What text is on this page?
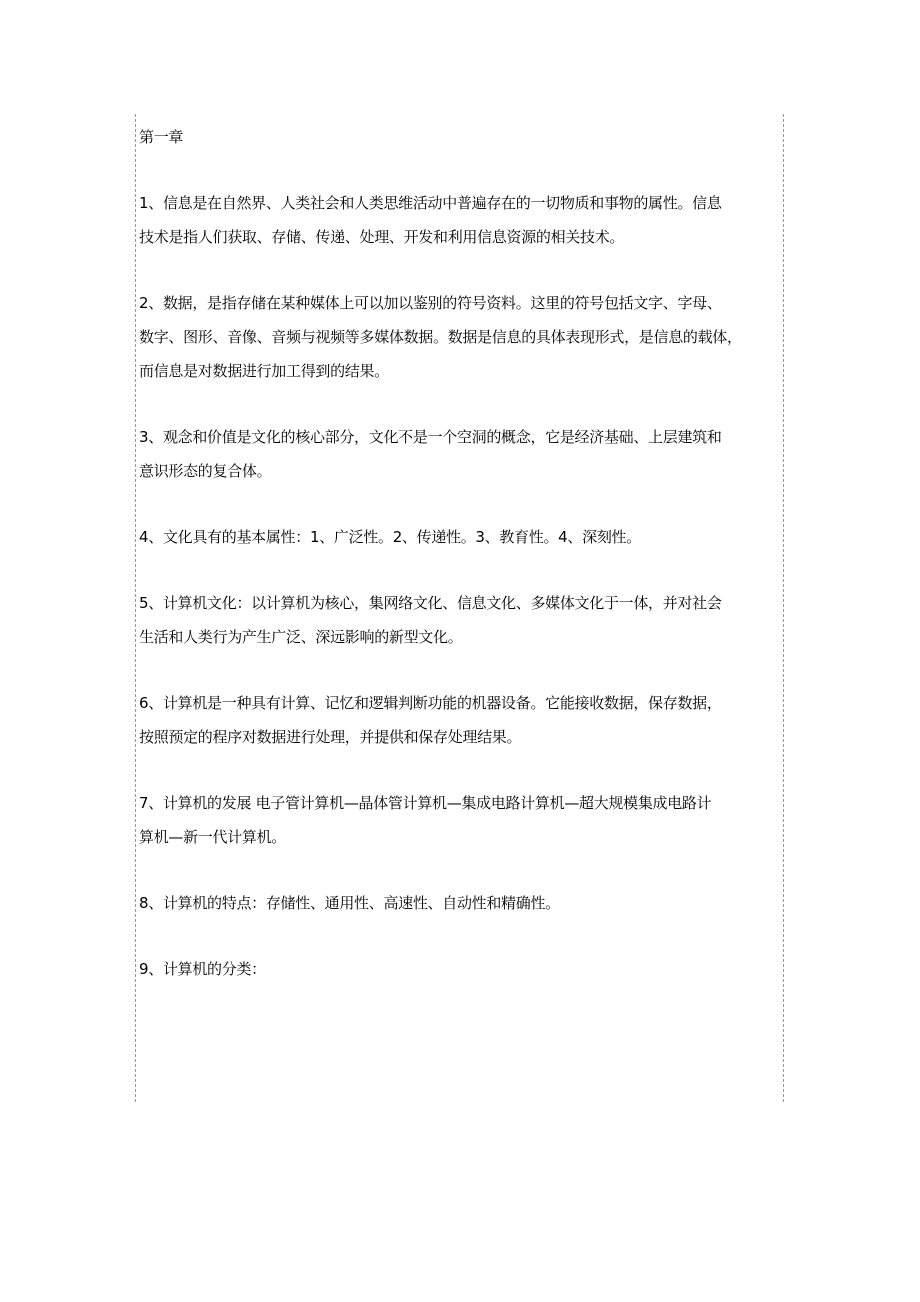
第一章
1、信息是在自然界、人类社会和人类思维活动中普遍存在的一切物质和事物的属性。信息
技术是指人们获取、存储、传递、处理、开发和利用信息资源的相关技术。
2、数据，是指存储在某种媒体上可以加以鉴别的符号资料。这里的符号包括文字、字母、
数字、图形、音像、音频与视频等多媒体数据。数据是信息的具体表现形式，是信息的载体，
而信息是对数据进行加工得到的结果。
3、观念和价值是文化的核心部分，文化不是一个空洞的概念，它是经济基础、上层建筑和
意识形态的复合体。
4、文化具有的基本属性：1、广泛性。2、传递性。3、教育性。4、深刻性。
5、计算机文化：以计算机为核心，集网络文化、信息文化、多媒体文化于一体，并对社会
生活和人类行为产生广泛、深远影响的新型文化。
6、计算机是一种具有计算、记忆和逻辑判断功能的机器设备。它能接收数据，保存数据，
按照预定的程序对数据进行处理，并提供和保存处理结果。
7、计算机的发展 电子管计算机—晶体管计算机—集成电路计算机—超大规模集成电路计
算机—新一代计算机。
8、计算机的特点：存储性、通用性、高速性、自动性和精确性。
9、计算机的分类：
